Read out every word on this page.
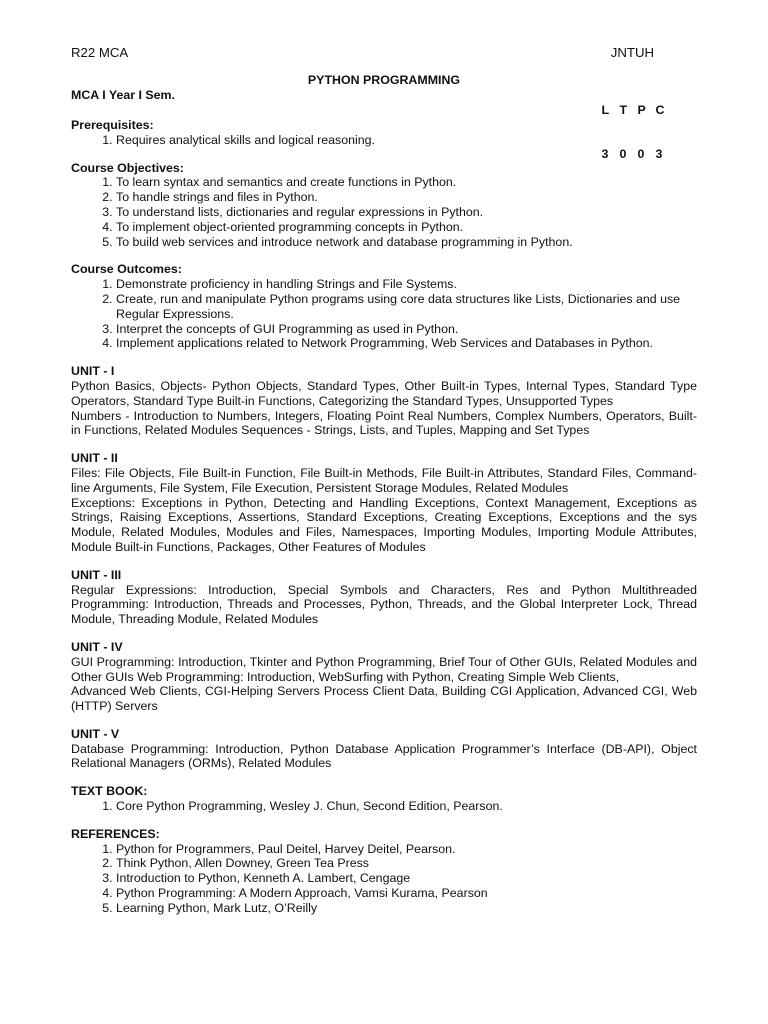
R22 MCA	JNTUH
PYTHON PROGRAMMING
MCA I Year I Sem.

L T P C

3 0 0 3

Prerequisites:
1. Requires analytical skills and logical reasoning.
Course Objectives:
1. To learn syntax and semantics and create functions in Python.
2. To handle strings and files in Python.
3. To understand lists, dictionaries and regular expressions in Python.
4. To implement object-oriented programming concepts in Python.
5. To build web services and introduce network and database programming in Python.
Course Outcomes:
1. Demonstrate proficiency in handling Strings and File Systems.
2. Create, run and manipulate Python programs using core data structures like Lists, Dictionaries and use Regular Expressions.
3. Interpret the concepts of GUI Programming as used in Python.
4. Implement applications related to Network Programming, Web Services and Databases in Python.
UNIT - I

Python Basics, Objects- Python Objects, Standard Types, Other Built-in Types, Internal Types, Standard Type Operators, Standard Type Built-in Functions, Categorizing the Standard Types, Unsupported Types

Numbers - Introduction to Numbers, Integers, Floating Point Real Numbers, Complex Numbers, Operators, Built-in Functions, Related Modules Sequences - Strings, Lists, and Tuples, Mapping and Set Types

UNIT - II

Files: File Objects, File Built-in Function, File Built-in Methods, File Built-in Attributes, Standard Files, Command-line Arguments, File System, File Execution, Persistent Storage Modules, Related Modules

Exceptions: Exceptions in Python, Detecting and Handling Exceptions, Context Management, Exceptions as Strings, Raising Exceptions, Assertions, Standard Exceptions, Creating Exceptions, Exceptions and the sys Module, Related Modules, Modules and Files, Namespaces, Importing Modules, Importing Module Attributes, Module Built-in Functions, Packages, Other Features of Modules

UNIT - III

Regular Expressions: Introduction, Special Symbols and Characters, Res and Python Multithreaded Programming: Introduction, Threads and Processes, Python, Threads, and the Global Interpreter Lock, Thread Module, Threading Module, Related Modules

UNIT - IV

GUI Programming: Introduction, Tkinter and Python Programming, Brief Tour of Other GUIs, Related Modules and Other GUIs Web Programming: Introduction, WebSurfing with Python, Creating Simple Web Clients,

Advanced Web Clients, CGI-Helping Servers Process Client Data, Building CGI Application, Advanced CGI, Web (HTTP) Servers

UNIT - V

Database Programming: Introduction, Python Database Application Programmer’s Interface (DB-API), Object Relational Managers (ORMs), Related Modules

TEXT BOOK:
1. Core Python Programming, Wesley J. Chun, Second Edition, Pearson.
REFERENCES:
1. Python for Programmers, Paul Deitel, Harvey Deitel, Pearson.
2. Think Python, Allen Downey, Green Tea Press
3. Introduction to Python, Kenneth A. Lambert, Cengage
4. Python Programming: A Modern Approach, Vamsi Kurama, Pearson
5. Learning Python, Mark Lutz, O’Reilly
